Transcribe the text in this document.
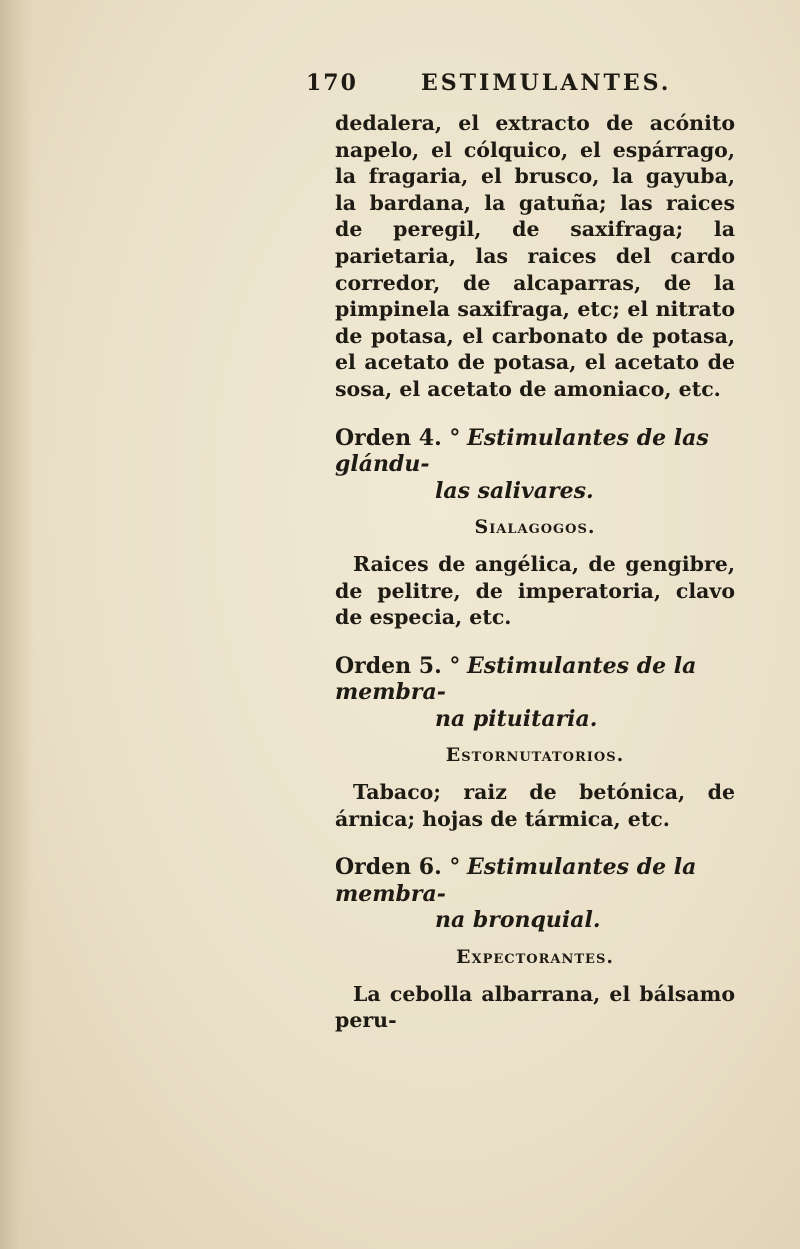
170	ESTIMULANTES.

dedalera, el extracto de acónito napelo, el cólquico, el espárrago, la fragaria, el brusco, la gayuba, la bardana, la gatuña; las raices de peregil, de saxifraga; la parietaria, las raices del cardo corredor, de alcaparras, de la pimpinela saxifraga, etc; el nitrato de potasa, el carbonato de potasa, el acetato de potasa, el acetato de sosa, el acetato de amoniaco, etc.

Orden 4. ° Estimulantes de las glándu-
las salivares.
Sialagogos.

Raices de angélica, de gengibre, de pelitre, de imperatoria, clavo de especia, etc.

Orden 5. ° Estimulantes de la membra-
na pituitaria.
Estornutatorios.

Tabaco; raiz de betónica, de árnica; hojas de tármica, etc.

Orden 6. ° Estimulantes de la membra-
na bronquial.
Expectorantes.

La cebolla albarrana, el bálsamo peru-
